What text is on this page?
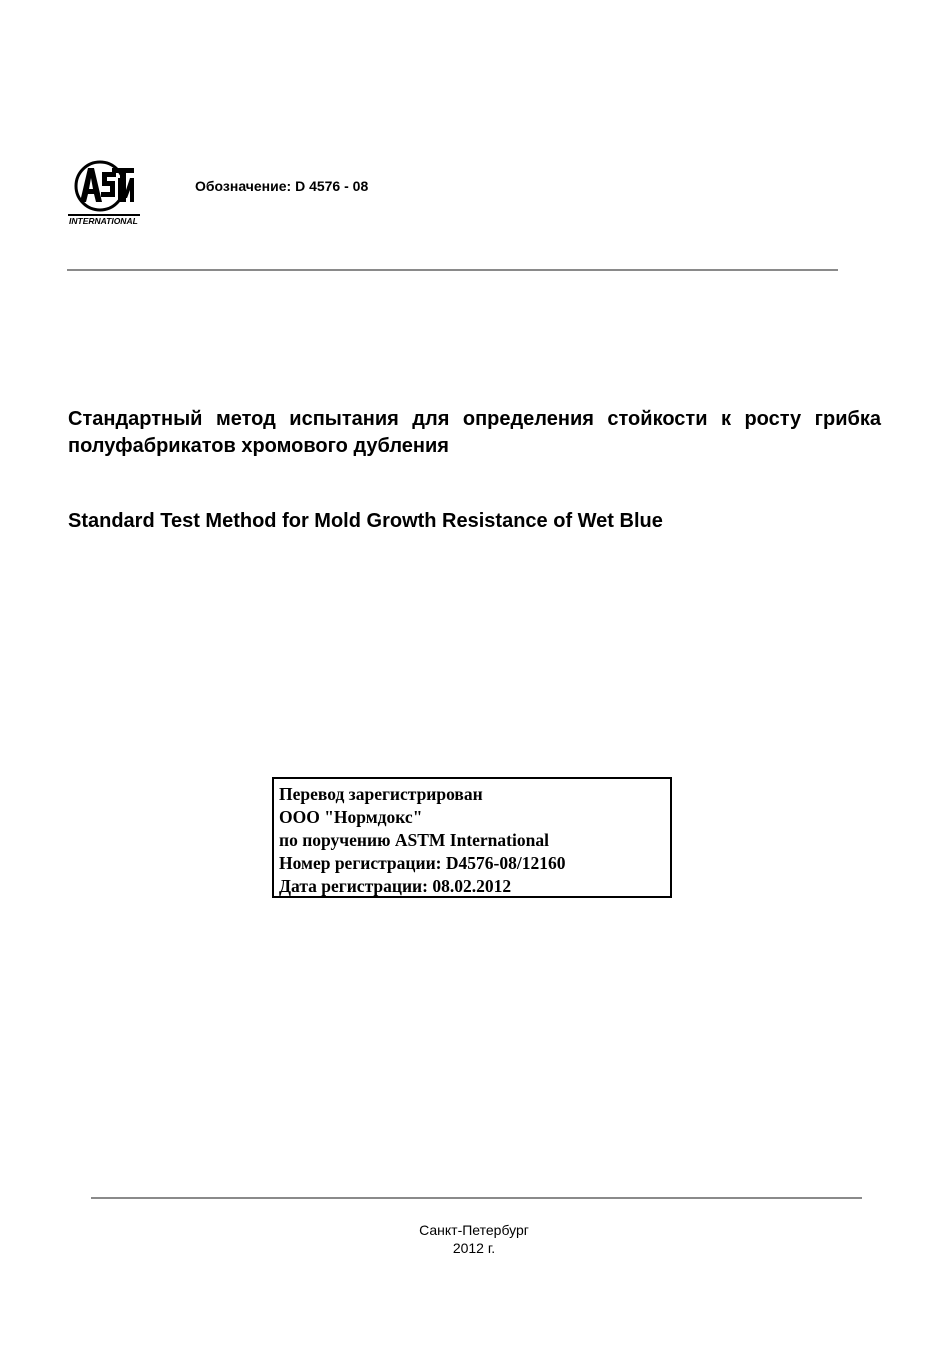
INTERNATIONAL
Обозначение: D 4576 - 08
Стандартный метод испытания для определения стойкости к росту грибка полуфабрикатов хромового дубления
Standard Test Method for Mold Growth Resistance of Wet Blue
Перевод зарегистрирован
ООО "Нормдокс"
по поручению ASTM International
Номер регистрации: D4576-08/12160
Дата регистрации: 08.02.2012
Санкт-Петербург
2012 г.
